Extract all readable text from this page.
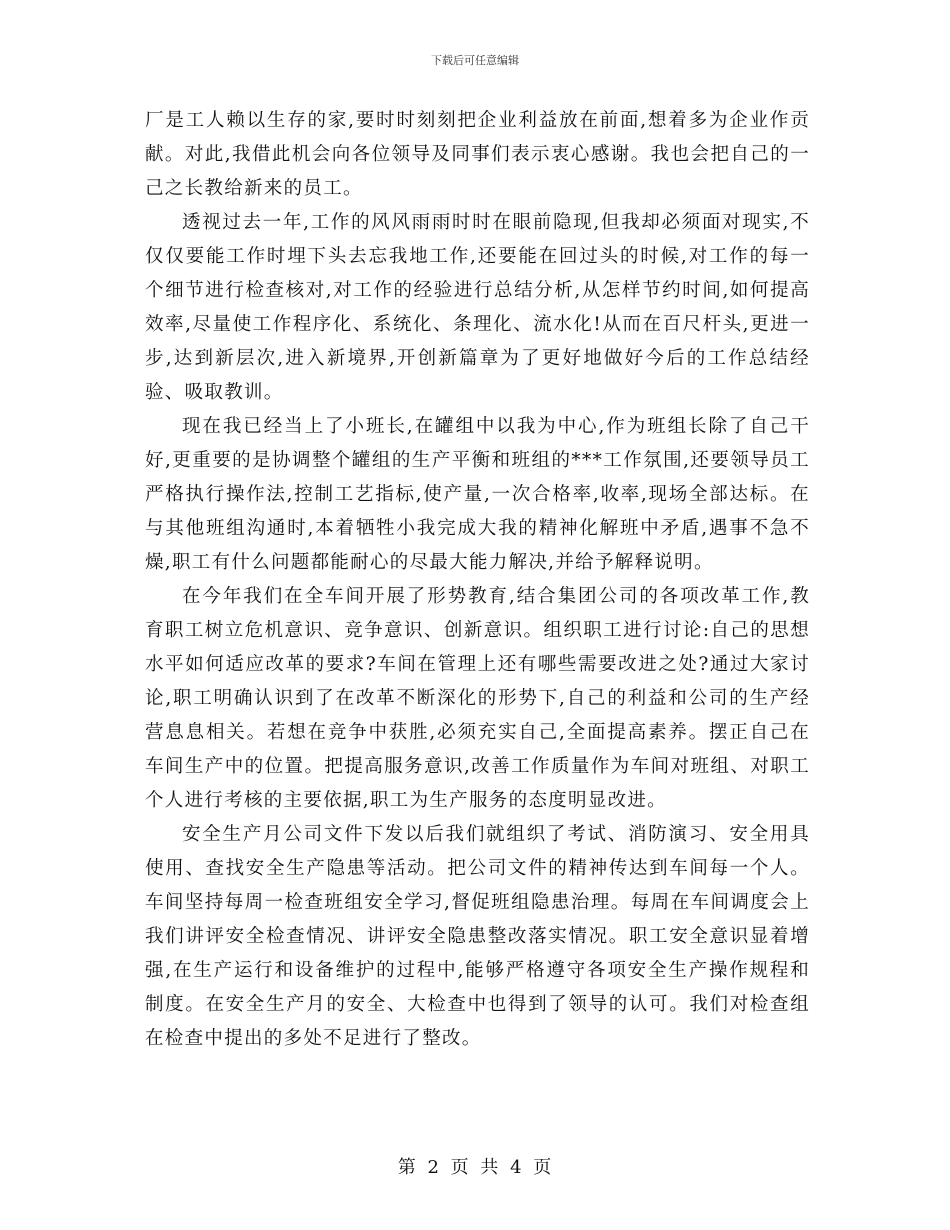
下载后可任意编辑

厂是工人赖以生存的家,要时时刻刻把企业利益放在前面,想着多为企业作贡献。对此,我借此机会向各位领导及同事们表示衷心感谢。我也会把自己的一己之长教给新来的员工。

透视过去一年,工作的风风雨雨时时在眼前隐现,但我却必须面对现实,不仅仅要能工作时埋下头去忘我地工作,还要能在回过头的时候,对工作的每一个细节进行检查核对,对工作的经验进行总结分析,从怎样节约时间,如何提高效率,尽量使工作程序化、系统化、条理化、流水化!从而在百尺杆头,更进一步,达到新层次,进入新境界,开创新篇章为了更好地做好今后的工作总结经验、吸取教训。

现在我已经当上了小班长,在罐组中以我为中心,作为班组长除了自己干好,更重要的是协调整个罐组的生产平衡和班组的***工作氛围,还要领导员工严格执行操作法,控制工艺指标,使产量,一次合格率,收率,现场全部达标。在与其他班组沟通时,本着牺牲小我完成大我的精神化解班中矛盾,遇事不急不燥,职工有什么问题都能耐心的尽最大能力解决,并给予解释说明。

在今年我们在全车间开展了形势教育,结合集团公司的各项改革工作,教育职工树立危机意识、竞争意识、创新意识。组织职工进行讨论:自己的思想水平如何适应改革的要求?车间在管理上还有哪些需要改进之处?通过大家讨论,职工明确认识到了在改革不断深化的形势下,自己的利益和公司的生产经营息息相关。若想在竞争中获胜,必须充实自己,全面提高素养。摆正自己在车间生产中的位置。把提高服务意识,改善工作质量作为车间对班组、对职工个人进行考核的主要依据,职工为生产服务的态度明显改进。

安全生产月公司文件下发以后我们就组织了考试、消防演习、安全用具使用、查找安全生产隐患等活动。把公司文件的精神传达到车间每一个人。车间坚持每周一检查班组安全学习,督促班组隐患治理。每周在车间调度会上我们讲评安全检查情况、讲评安全隐患整改落实情况。职工安全意识显着增强,在生产运行和设备维护的过程中,能够严格遵守各项安全生产操作规程和制度。在安全生产月的安全、大检查中也得到了领导的认可。我们对检查组在检查中提出的多处不足进行了整改。

第 2 页 共 4 页
